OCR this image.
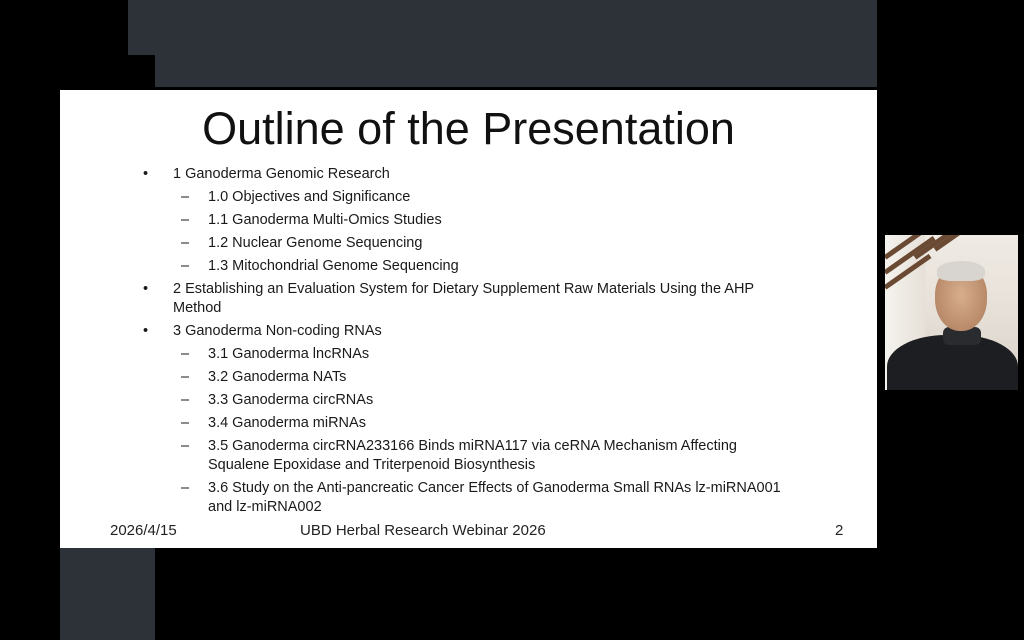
Outline of the Presentation
• 1 Ganoderma Genomic Research
– 1.0 Objectives and Significance
– 1.1 Ganoderma Multi-Omics Studies
– 1.2 Nuclear Genome Sequencing
– 1.3 Mitochondrial Genome Sequencing
• 2 Establishing an Evaluation System for Dietary Supplement Raw Materials Using the AHP Method
• 3 Ganoderma Non-coding RNAs
– 3.1 Ganoderma lncRNAs
– 3.2 Ganoderma NATs
– 3.3 Ganoderma circRNAs
– 3.4 Ganoderma miRNAs
– 3.5 Ganoderma circRNA233166 Binds miRNA117 via ceRNA Mechanism Affecting Squalene Epoxidase and Triterpenoid Biosynthesis
– 3.6 Study on the Anti-pancreatic Cancer Effects of Ganoderma Small RNAs lz-miRNA001 and lz-miRNA002
2026/4/15	UBD Herbal Research Webinar 2026	2
